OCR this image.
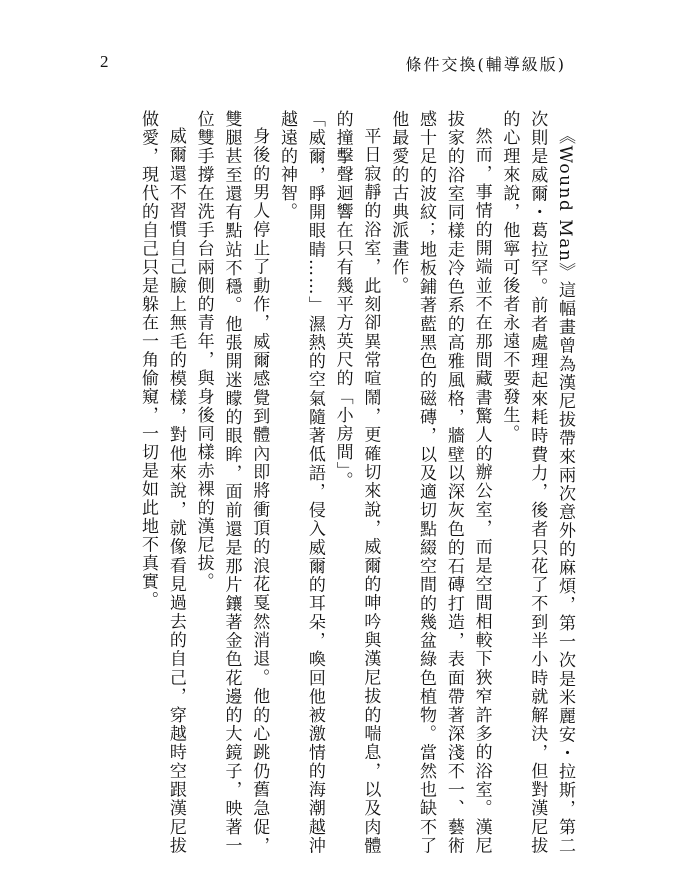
2	條件交換(輔導級版)

《Wound Man》這幅畫曾為漢尼拔帶來兩次意外的麻煩，第一次是米麗安・拉斯，第二次則是威爾・葛拉罕。前者處理起來耗時費力，後者只花了不到半小時就解決，但對漢尼拔的心理來說，他寧可後者永遠不要發生。

然而，事情的開端並不在那間藏書驚人的辦公室，而是空間相較下狹窄許多的浴室。漢尼拔家的浴室同樣走冷色系的高雅風格，牆壁以深灰色的石磚打造，表面帶著深淺不一、藝術感十足的波紋；地板鋪著藍黑色的磁磚，以及適切點綴空間的幾盆綠色植物。當然也缺不了他最愛的古典派畫作。

平日寂靜的浴室，此刻卻異常喧鬧，更確切來說，威爾的呻吟與漢尼拔的喘息，以及肉體的撞擊聲迴響在只有幾平方英尺的「小房間」。

「威爾，睜開眼睛……」濕熱的空氣隨著低語，侵入威爾的耳朵，喚回他被激情的海潮越沖越遠的神智。

身後的男人停止了動作，威爾感覺到體內即將衝頂的浪花戛然消退。他的心跳仍舊急促，雙腿甚至還有點站不穩。他張開迷矇的眼眸，面前還是那片鑲著金色花邊的大鏡子，映著一位雙手撐在洗手台兩側的青年，與身後同樣赤裸的漢尼拔。

威爾還不習慣自己臉上無毛的模樣，對他來說，就像看見過去的自己，穿越時空跟漢尼拔做愛，現代的自己只是躲在一角偷窺，一切是如此地不真實。
